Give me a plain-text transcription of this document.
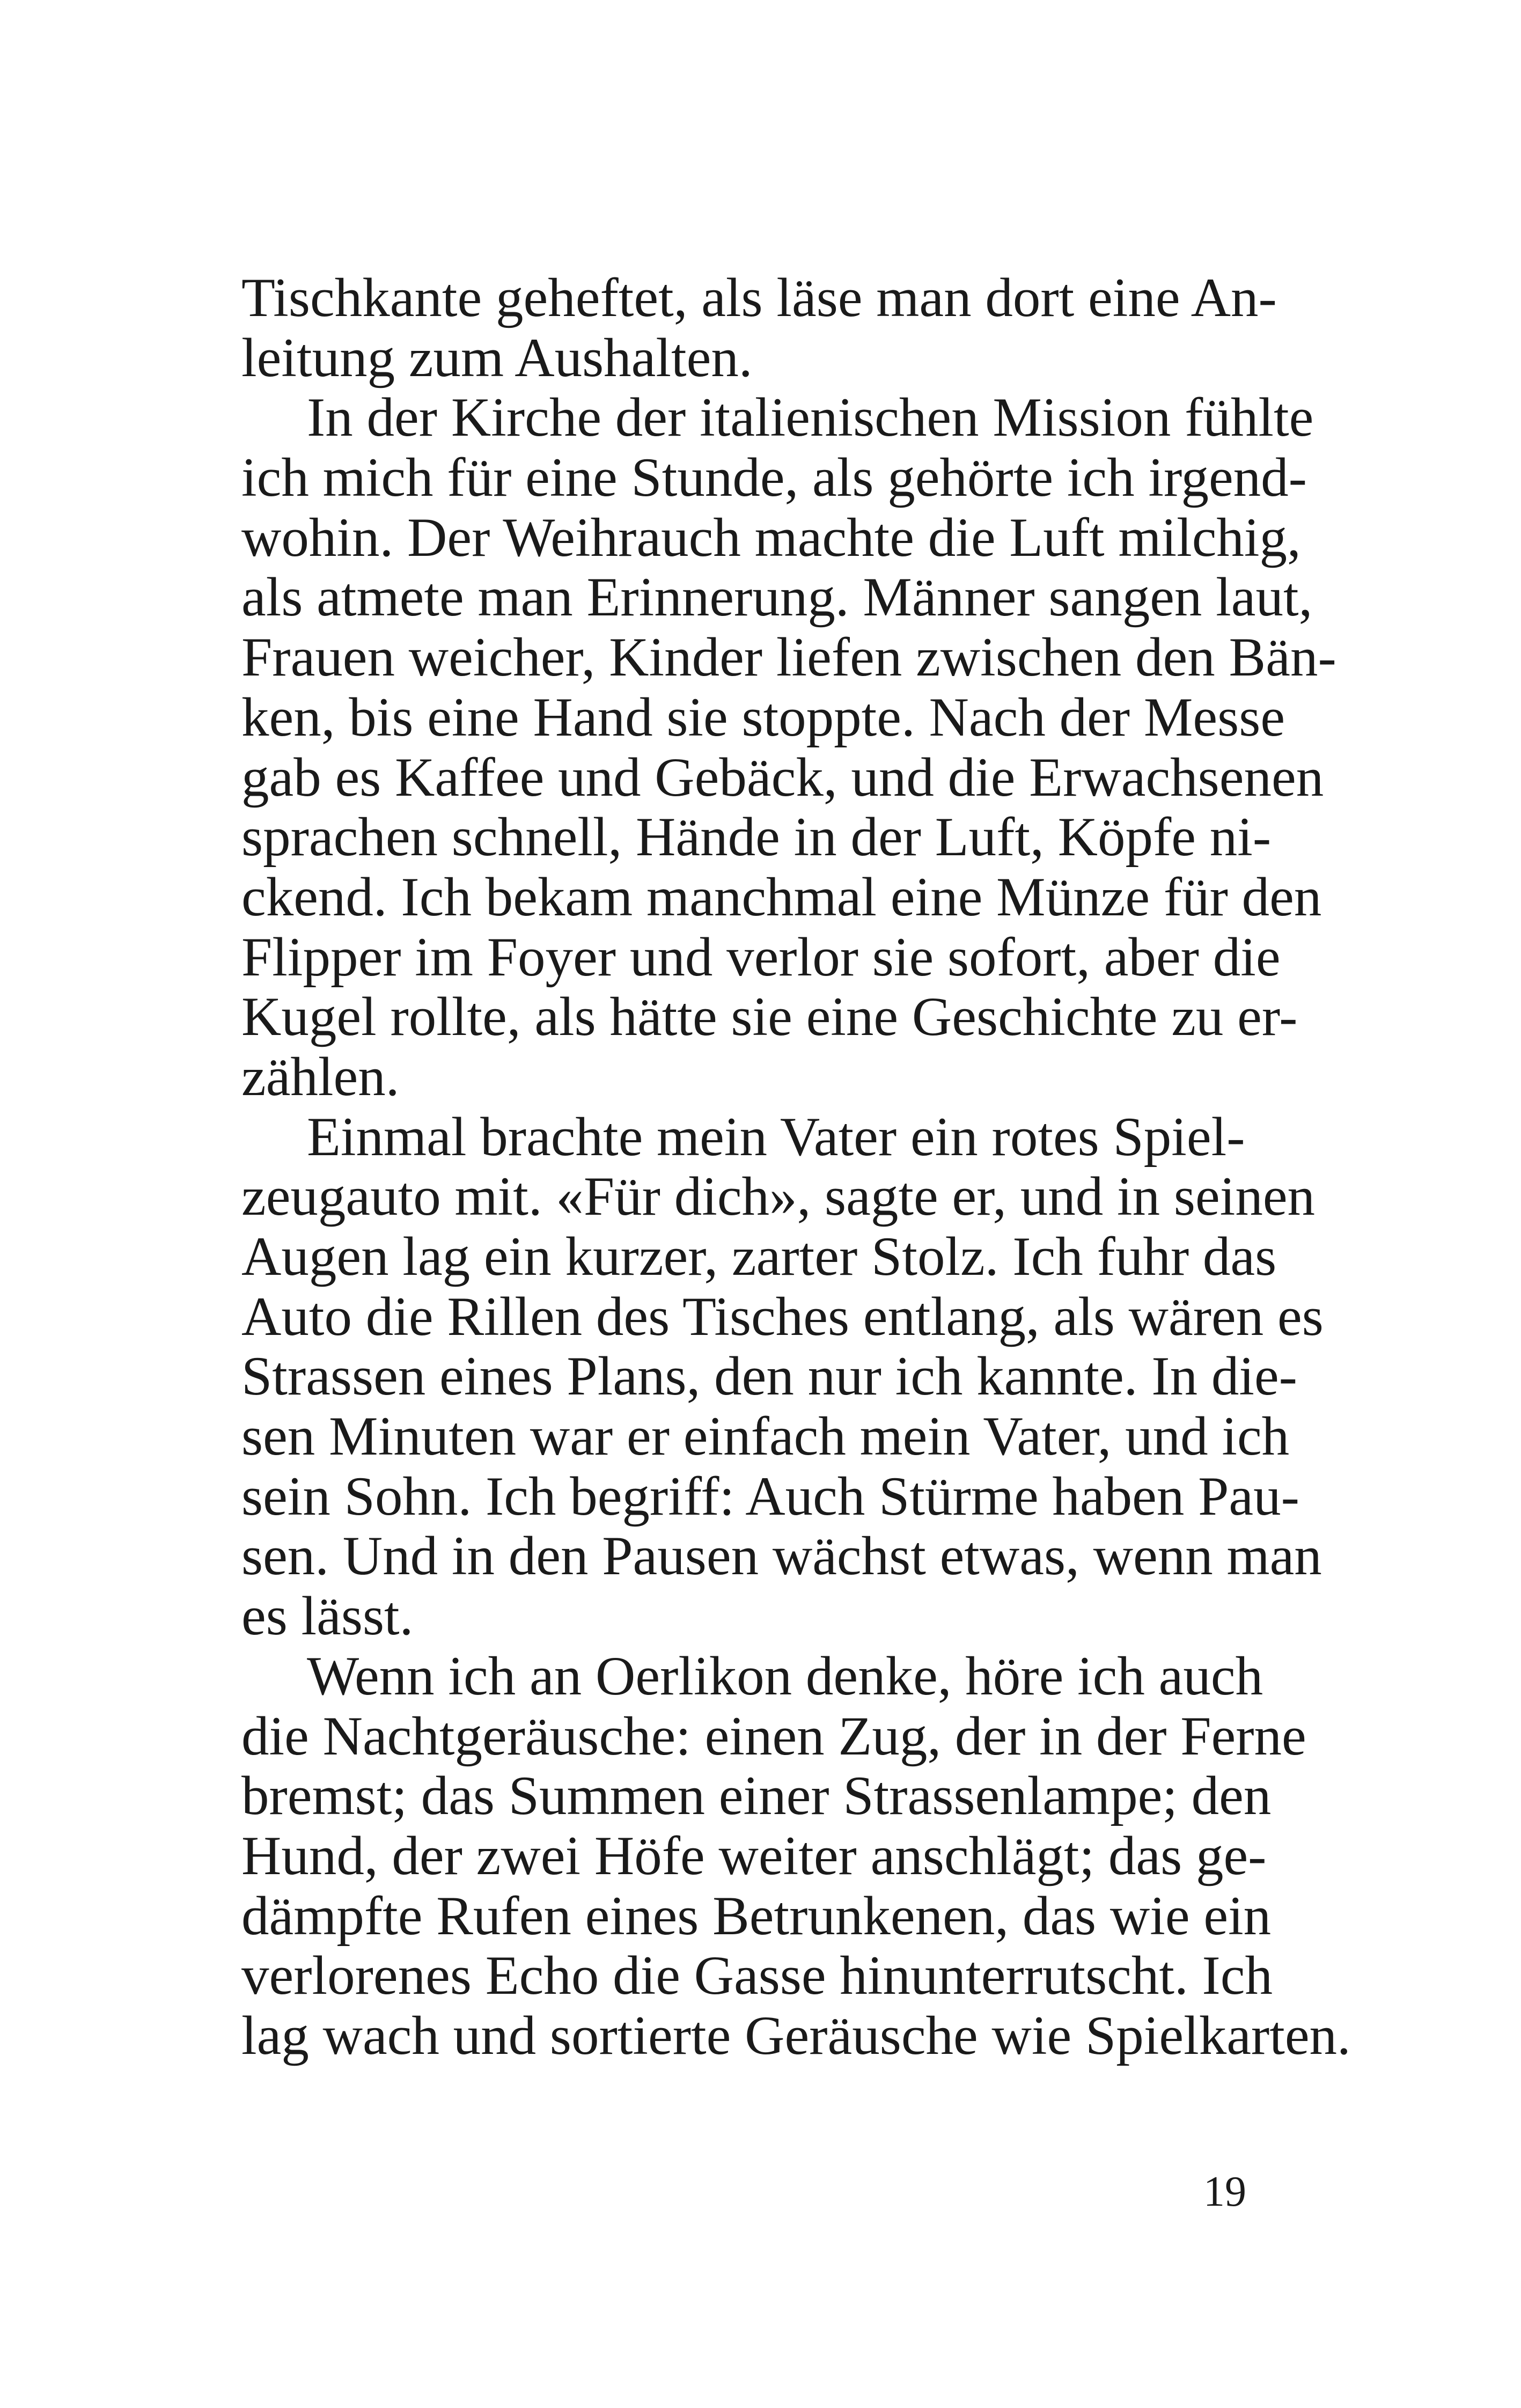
Tischkante geheftet, als läse man dort eine An-
leitung zum Aushalten.
In der Kirche der italienischen Mission fühlte
ich mich für eine Stunde, als gehörte ich irgend-
wohin. Der Weihrauch machte die Luft milchig,
als atmete man Erinnerung. Männer sangen laut,
Frauen weicher, Kinder liefen zwischen den Bän-
ken, bis eine Hand sie stoppte. Nach der Messe
gab es Kaffee und Gebäck, und die Erwachsenen
sprachen schnell, Hände in der Luft, Köpfe ni-
ckend. Ich bekam manchmal eine Münze für den
Flipper im Foyer und verlor sie sofort, aber die
Kugel rollte, als hätte sie eine Geschichte zu er-
zählen.
Einmal brachte mein Vater ein rotes Spiel-
zeugauto mit. «Für dich», sagte er, und in seinen
Augen lag ein kurzer, zarter Stolz. Ich fuhr das
Auto die Rillen des Tisches entlang, als wären es
Strassen eines Plans, den nur ich kannte. In die-
sen Minuten war er einfach mein Vater, und ich
sein Sohn. Ich begriff: Auch Stürme haben Pau-
sen. Und in den Pausen wächst etwas, wenn man
es lässt.
Wenn ich an Oerlikon denke, höre ich auch
die Nachtgeräusche: einen Zug, der in der Ferne
bremst; das Summen einer Strassenlampe; den
Hund, der zwei Höfe weiter anschlägt; das ge-
dämpfte Rufen eines Betrunkenen, das wie ein
verlorenes Echo die Gasse hinunterrutscht. Ich
lag wach und sortierte Geräusche wie Spielkarten.
19
